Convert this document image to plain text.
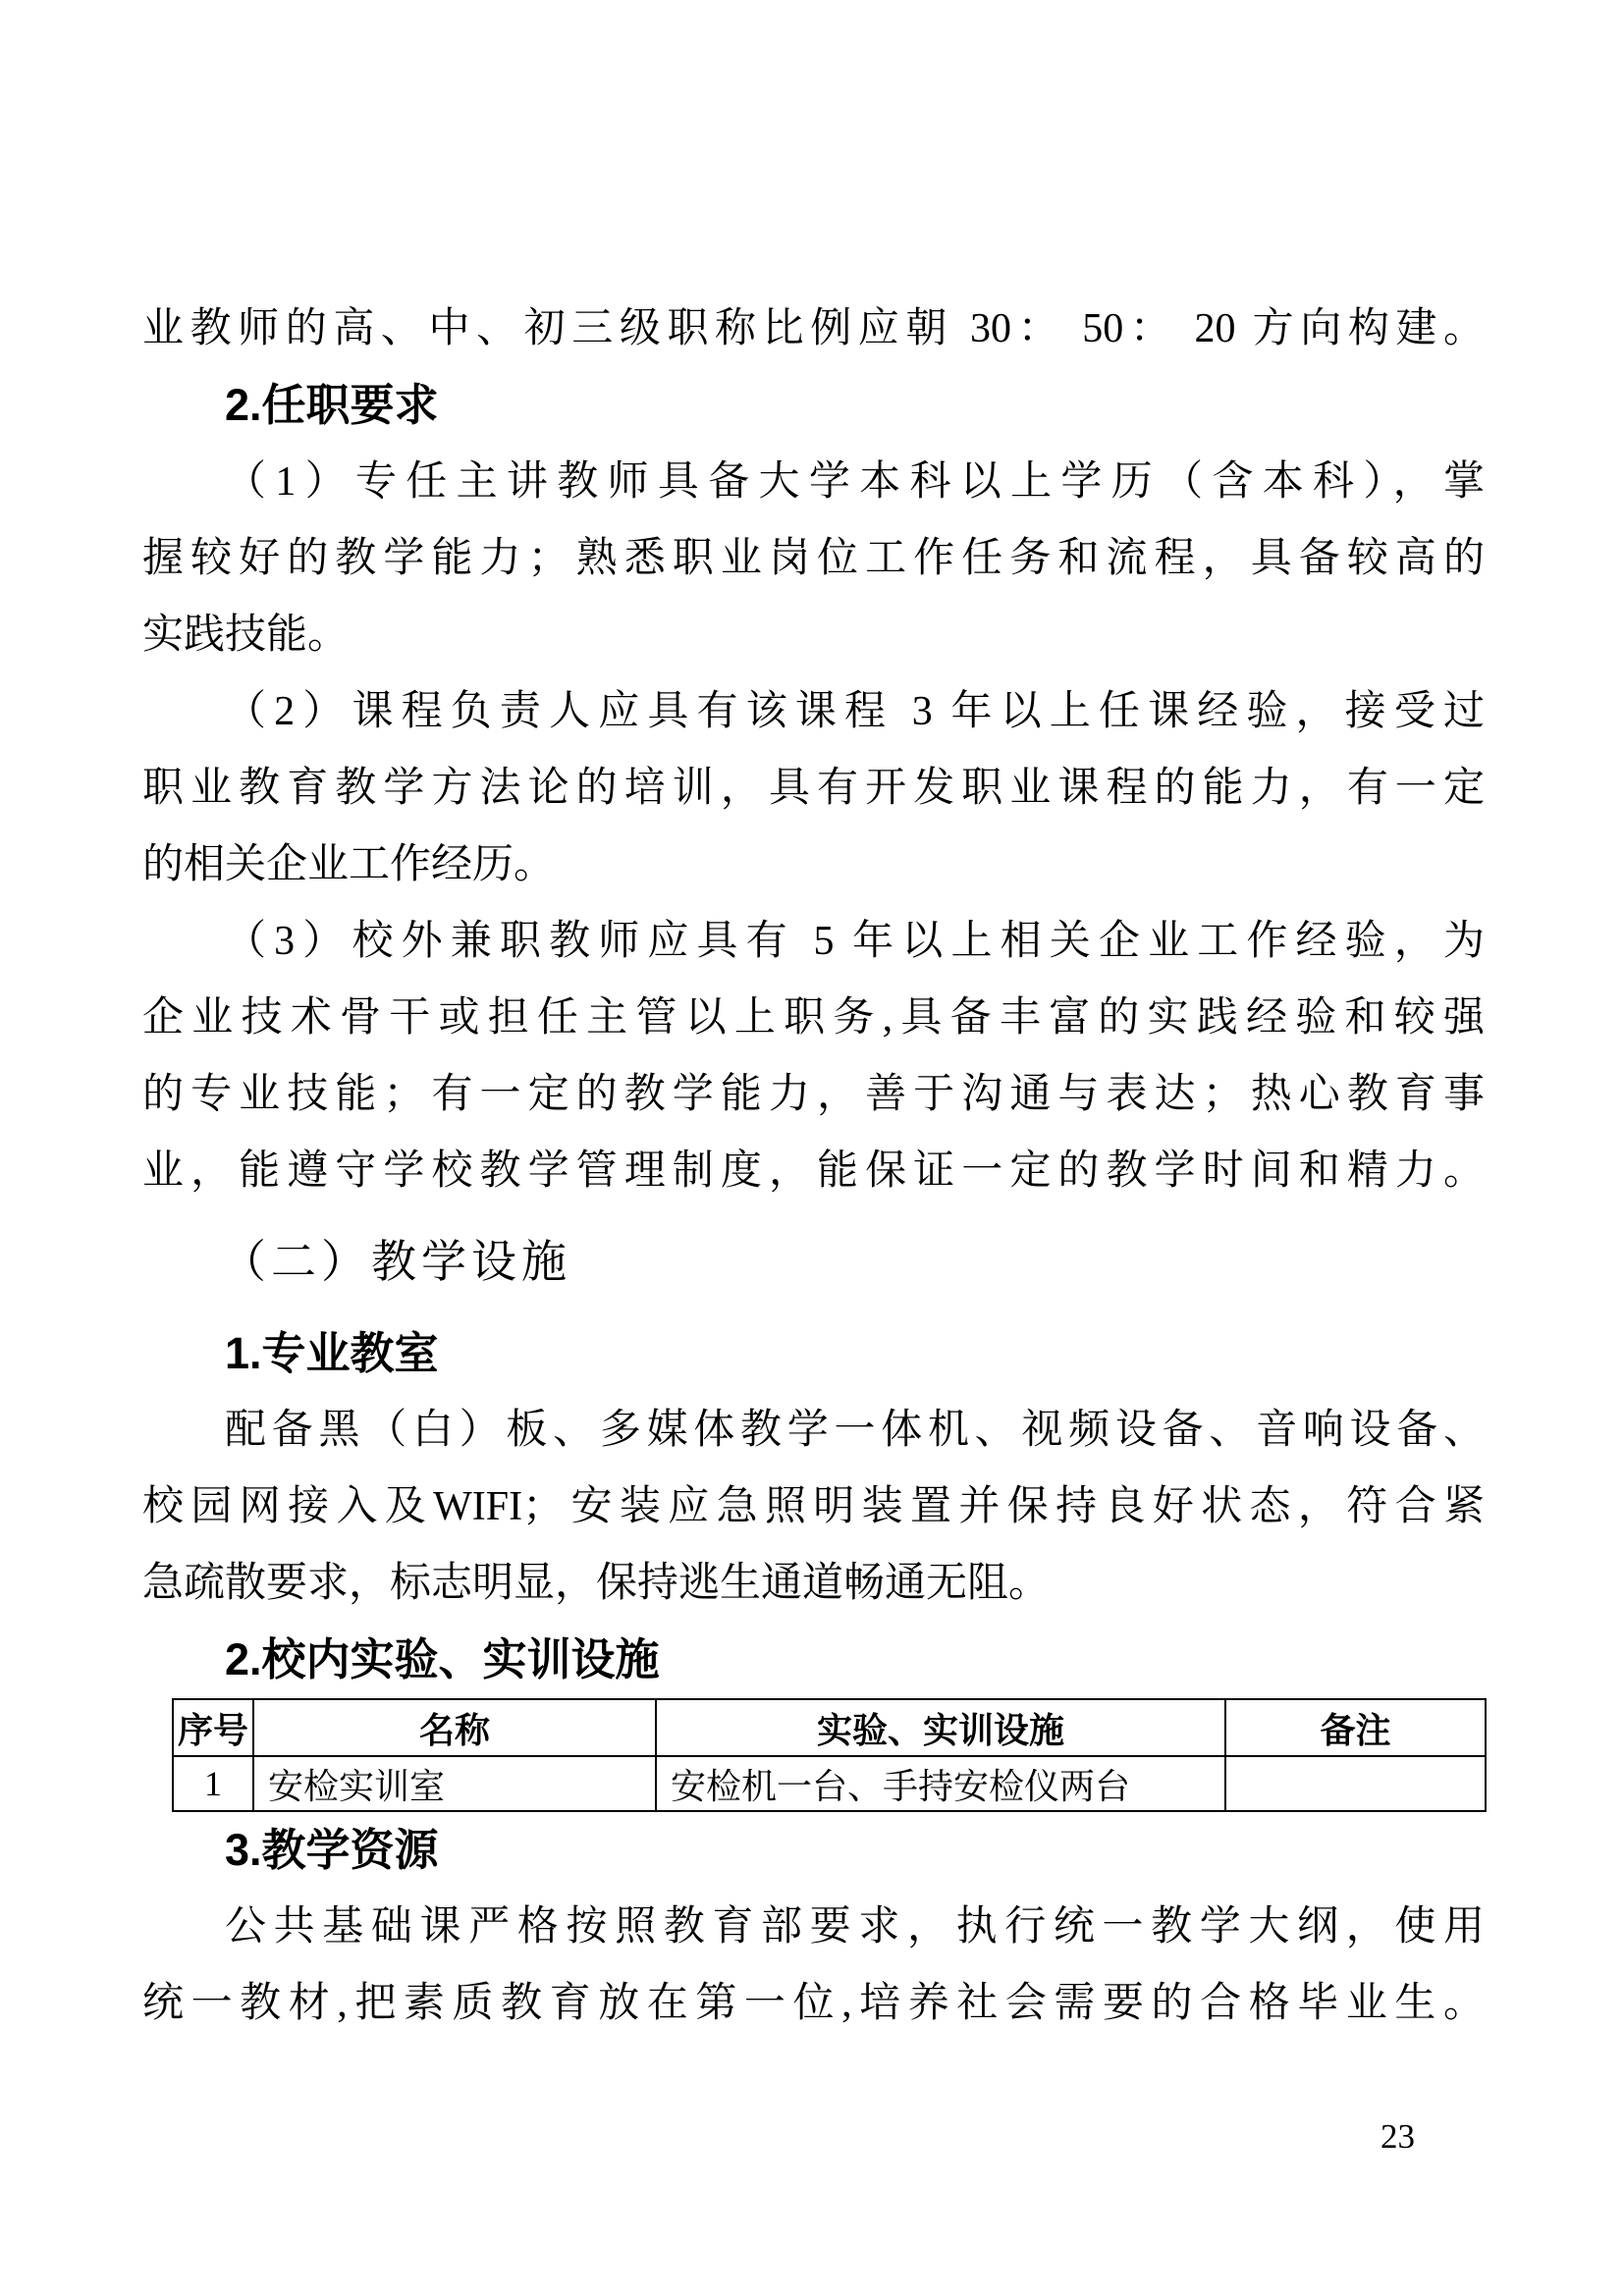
业教师的高、中、初三级职称比例应朝 30： 50： 20 方向构建。
2.任职要求
（1）专任主讲教师具备大学本科以上学历（含本科），掌
握较好的教学能力；熟悉职业岗位工作任务和流程，具备较高的
实践技能。
（2）课程负责人应具有该课程 3 年以上任课经验，接受过
职业教育教学方法论的培训，具有开发职业课程的能力，有一定
的相关企业工作经历。
（3）校外兼职教师应具有 5 年以上相关企业工作经验，为
企业技术骨干或担任主管以上职务,具备丰富的实践经验和较强
的专业技能；有一定的教学能力，善于沟通与表达；热心教育事
业，能遵守学校教学管理制度，能保证一定的教学时间和精力。
（二）教学设施
1.专业教室
配备黑（白）板、多媒体教学一体机、视频设备、音响设备、
校园网接入及WIFI；安装应急照明装置并保持良好状态，符合紧
急疏散要求，标志明显，保持逃生通道畅通无阻。
2.校内实验、实训设施
序号	名称	实验、实训设施	备注
1	安检实训室	安检机一台、手持安检仪两台	
3.教学资源
公共基础课严格按照教育部要求，执行统一教学大纲，使用
统一教材,把素质教育放在第一位,培养社会需要的合格毕业生。
23
